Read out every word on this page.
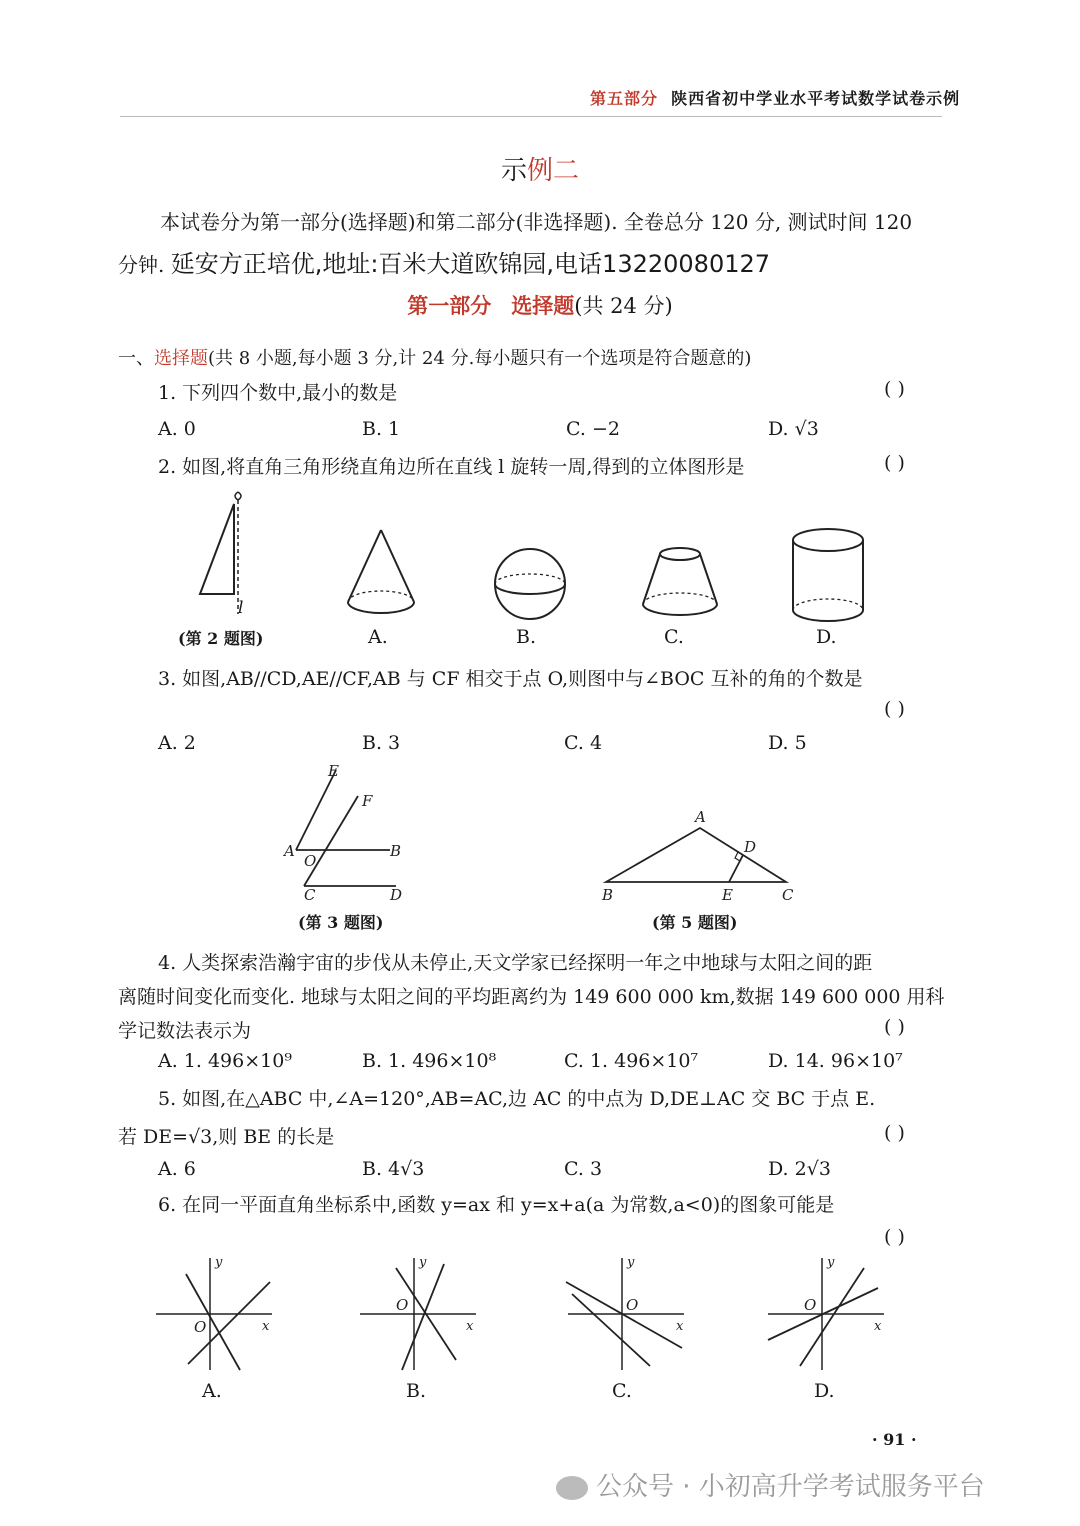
第五部分 陕西省初中学业水平考试数学试卷示例
示例二
本试卷分为第一部分(选择题)和第二部分(非选择题). 全卷总分 120 分, 测试时间 120
分钟. 延安方正培优,地址:百米大道欧锦园,电话13220080127
第一部分 选择题(共 24 分)
一、选择题(共 8 小题,每小题 3 分,计 24 分.每小题只有一个选项是符合题意的)
1. 下列四个数中,最小的数是	( )
A. 0	B. 1	C. −2	D. √3
2. 如图,将直角三角形绕直角边所在直线 l 旋转一周,得到的立体图形是	( )
l
(第 2 题图)	A.	B.	C.	D.
3. 如图,AB//CD,AE//CF,AB 与 CF 相交于点 O,则图中与∠BOC 互补的角的个数是
( )
A. 2	B. 3	C. 4	D. 5
E
F
A
O
B
C	D
(第 3 题图)
A
D
B	E	C
(第 5 题图)
4. 人类探索浩瀚宇宙的步伐从未停止,天文学家已经探明一年之中地球与太阳之间的距
离随时间变化而变化. 地球与太阳之间的平均距离约为 149 600 000 km,数据 149 600 000 用科
学记数法表示为	( )
A. 1. 496×10⁹	B. 1. 496×10⁸	C. 1. 496×10⁷	D. 14. 96×10⁷
5. 如图,在△ABC 中,∠A=120°,AB=AC,边 AC 的中点为 D,DE⊥AC 交 BC 于点 E.
若 DE=√3,则 BE 的长是	( )
A. 6	B. 4√3	C. 3	D. 2√3
6. 在同一平面直角坐标系中,函数 y=ax 和 y=x+a(a 为常数,a<0)的图象可能是
( )
y
x
O
A.
y
x
O
B.
y
x
O
C.
y
x
O
D.
· 91 ·
公众号 · 小初高升学考试服务平台
